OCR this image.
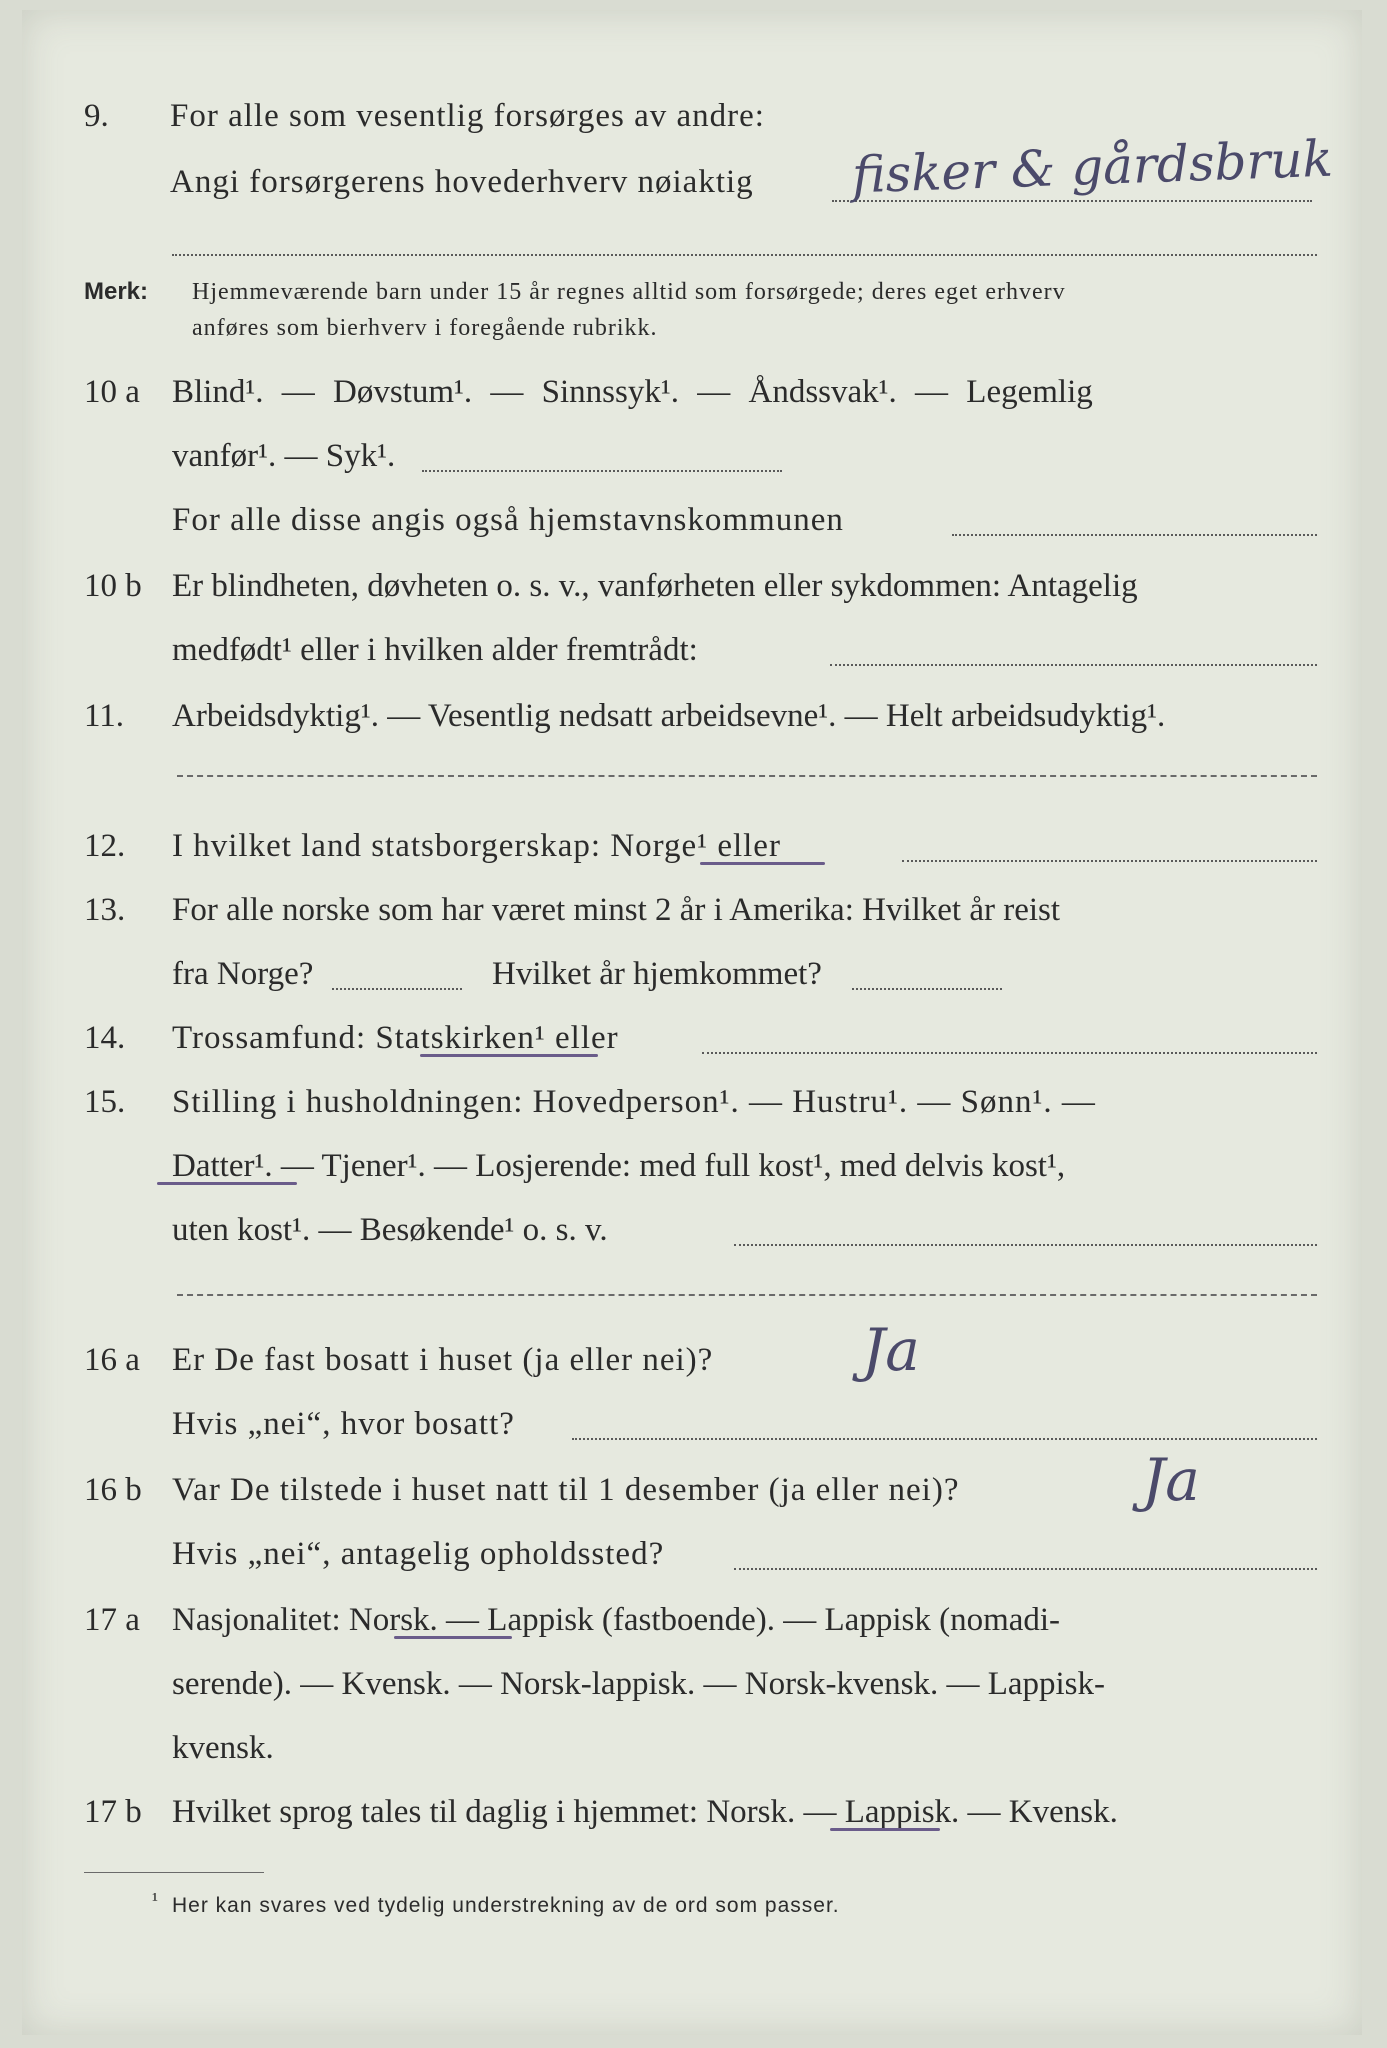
9. For alle som vesentlig forsørges av andre:
Angi forsørgerens hovederhverv nøiaktig fisker & gårdsbruk
Merk: Hjemmeværende barn under 15 år regnes alltid som forsørgede; deres eget erhverv
anføres som bierhverv i foregående rubrikk.
10 a Blind¹. — Døvstum¹. — Sinnssyk¹. — Åndssvak¹. — Legemlig
vanfør¹. — Syk¹.
For alle disse angis også hjemstavnskommunen
10 b Er blindheten, døvheten o. s. v., vanførheten eller sykdommen: Antagelig
medfødt¹ eller i hvilken alder fremtrådt:
11. Arbeidsdyktig¹. — Vesentlig nedsatt arbeidsevne¹. — Helt arbeidsudyktig¹.
12. I hvilket land statsborgerskap: Norge¹ eller
13. For alle norske som har været minst 2 år i Amerika: Hvilket år reist
fra Norge?	Hvilket år hjemkommet?
14. Trossamfund: Statskirken¹ eller
15. Stilling i husholdningen: Hovedperson¹. — Hustru¹. — Sønn¹. —
Datter¹. — Tjener¹. — Losjerende: med full kost¹, med delvis kost¹,
uten kost¹. — Besøkende¹ o. s. v.
16 a Er De fast bosatt i huset (ja eller nei)?	Ja
Hvis „nei“, hvor bosatt?
16 b Var De tilstede i huset natt til 1 desember (ja eller nei)?	Ja
Hvis „nei“, antagelig opholdssted?
17 a Nasjonalitet: Norsk. — Lappisk (fastboende). — Lappisk (nomadi-
serende). — Kvensk. — Norsk-lappisk. — Norsk-kvensk. — Lappisk-
kvensk.
17 b Hvilket sprog tales til daglig i hjemmet: Norsk. — Lappisk. — Kvensk.
¹ Her kan svares ved tydelig understrekning av de ord som passer.
